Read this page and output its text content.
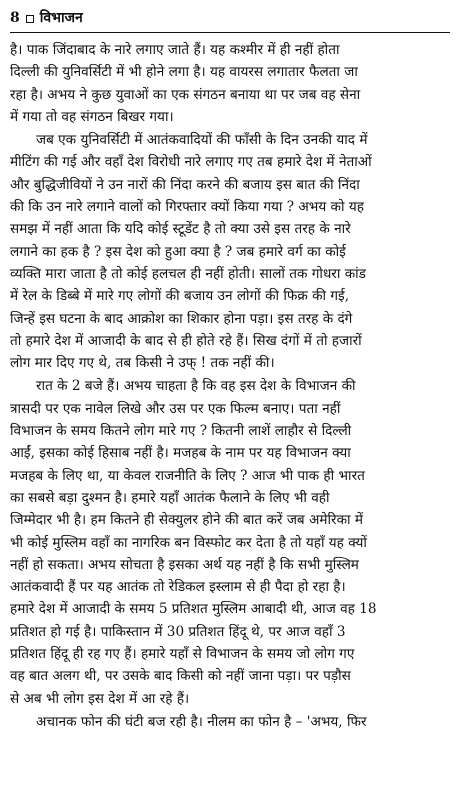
8 विभाजन

है। पाक जिंदाबाद के नारे लगाए जाते हैं। यह कश्मीर में ही नहीं होता
दिल्ली की युनिवर्सिटी में भी होने लगा है। यह वायरस लगातार फैलता जा
रहा है। अभय ने कुछ युवाओं का एक संगठन बनाया था पर जब वह सेना
में गया तो वह संगठन बिखर गया।

जब एक युनिवर्सिटी में आतंकवादियों की फाँसी के दिन उनकी याद में
मीटिंग की गई और वहाँ देश विरोधी नारे लगाए गए तब हमारे देश में नेताओं
और बुद्धिजीवियों ने उन नारों की निंदा करने की बजाय इस बात की निंदा
की कि उन नारे लगाने वालों को गिरफ्तार क्यों किया गया ? अभय को यह
समझ में नहीं आता कि यदि कोई स्टूडेंट है तो क्या उसे इस तरह के नारे
लगाने का हक है ? इस देश को हुआ क्या है ? जब हमारे वर्ग का कोई
व्यक्ति मारा जाता है तो कोई हलचल ही नहीं होती। सालों तक गोधरा कांड
में रेल के डिब्बे में मारे गए लोगों की बजाय उन लोगों की फिक्र की गई,
जिन्हें इस घटना के बाद आक्रोश का शिकार होना पड़ा। इस तरह के दंगे
तो हमारे देश में आजादी के बाद से ही होते रहे हैं। सिख दंगों में तो हजारों
लोग मार दिए गए थे, तब किसी ने उफ् ! तक नहीं की।

रात के 2 बजे हैं। अभय चाहता है कि वह इस देश के विभाजन की
त्रासदी पर एक नावेल लिखे और उस पर एक फिल्म बनाए। पता नहीं
विभाजन के समय कितने लोग मारे गए ? कितनी लाशें लाहौर से दिल्ली
आईं, इसका कोई हिसाब नहीं है। मजहब के नाम पर यह विभाजन क्या
मजहब के लिए था, या केवल राजनीति के लिए ? आज भी पाक ही भारत
का सबसे बड़ा दुश्मन है। हमारे यहाँ आतंक फैलाने के लिए भी वही
जिम्मेदार भी है। हम कितने ही सेक्युलर होने की बात करें जब अमेरिका में
भी कोई मुस्लिम वहाँ का नागरिक बन विस्फोट कर देता है तो यहाँ यह क्यों
नहीं हो सकता। अभय सोचता है इसका अर्थ यह नहीं है कि सभी मुस्लिम
आतंकवादी हैं पर यह आतंक तो रेडिकल इस्लाम से ही पैदा हो रहा है।
हमारे देश में आजादी के समय 5 प्रतिशत मुस्लिम आबादी थी, आज वह 18
प्रतिशत हो गई है। पाकिस्तान में 30 प्रतिशत हिंदू थे, पर आज वहाँ 3
प्रतिशत हिंदू ही रह गए हैं। हमारे यहाँ से विभाजन के समय जो लोग गए
वह बात अलग थी, पर उसके बाद किसी को नहीं जाना पड़ा। पर पड़ौस
से अब भी लोग इस देश में आ रहे हैं।

अचानक फोन की घंटी बज रही है। नीलम का फोन है – 'अभय, फिर
